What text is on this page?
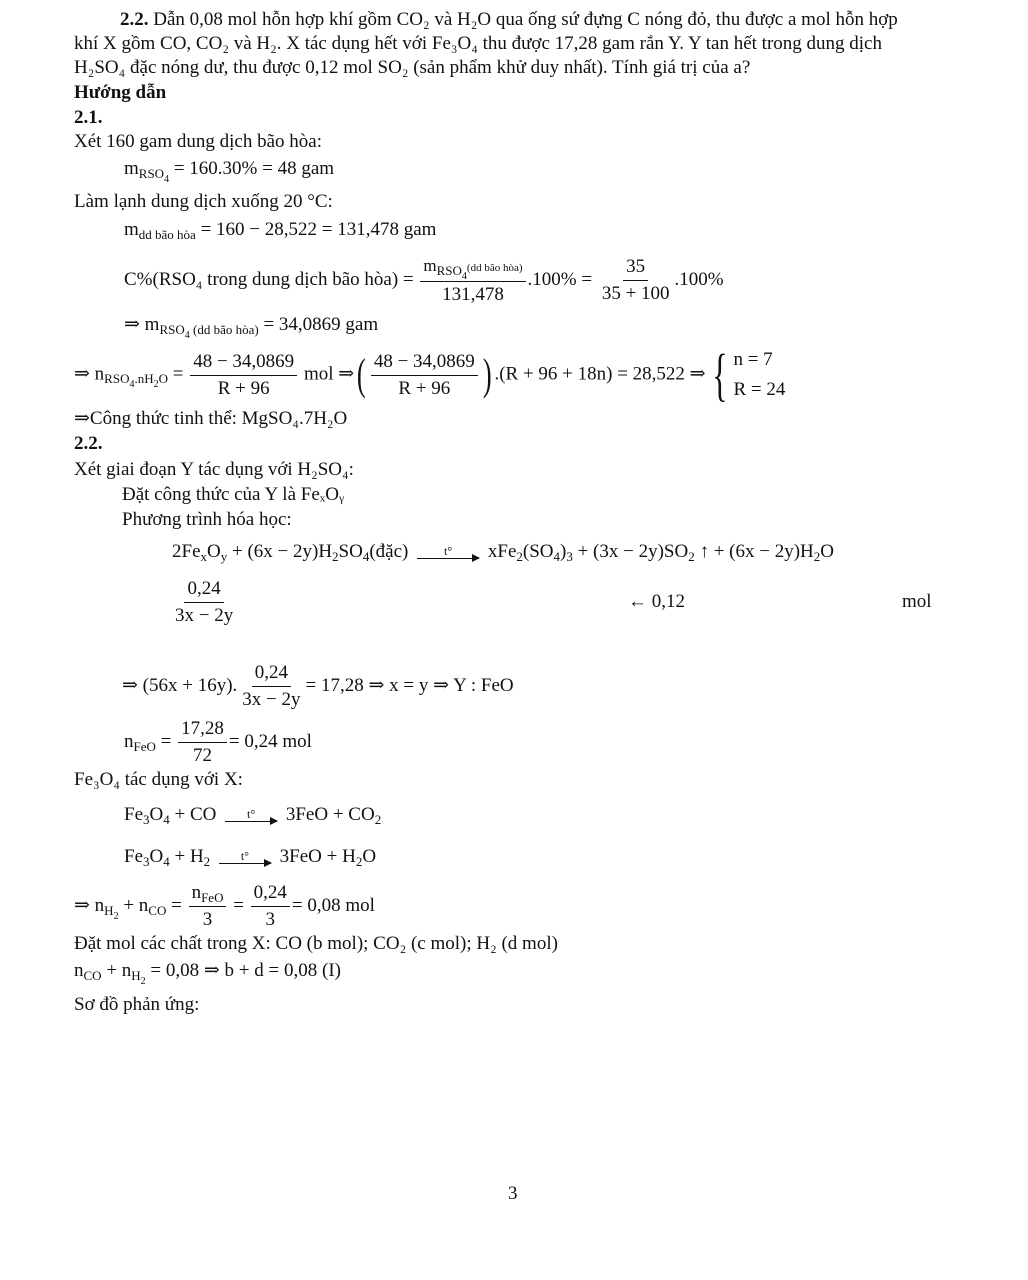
2.2. Dẫn 0,08 mol hỗn hợp khí gồm CO₂ và H₂O qua ống sứ đựng C nóng đỏ, thu được a mol hỗn hợp
khí X gồm CO, CO₂ và H₂. X tác dụng hết với Fe₃O₄ thu được 17,28 gam rắn Y. Y tan hết trong dung dịch
H₂SO₄ đặc nóng dư, thu được 0,12 mol SO₂ (sản phẩm khử duy nhất). Tính giá trị của a?
Hướng dẫn
2.1.
Xét 160 gam dung dịch bão hòa:
$m_{RSO_4} = 160.30\% = 48$ gam
Làm lạnh dung dịch xuống 20 °C:
$m_{dd bão hòa} = 160 - 28,522 = 131,478$ gam
C%(RSO₄ trong dung dịch bão hòa) = $\frac{m_{RSO_4}(dd bão hòa)}{131,478} .100\% = \frac{35}{35 + 100} .100\%$
⇒ $m_{RSO_4 (dd bão hòa)} = 34,0869$ gam
⇒ $n_{RSO_4.nH_2O} = \frac{48 - 34,0869}{R + 96}$ mol ⇒( $\frac{48 - 34,0869}{R + 96}$ ) .(R + 96 + 18n) = 28,522 ⇒ { n = 7
R = 24
⇒Công thức tinh thể: MgSO₄.7H₂O
2.2.
Xét giai đoạn Y tác dụng với H₂SO₄:
Đặt công thức của Y là FeₓOᵧ
Phương trình hóa học:
$2Fe_xO_y + (6x$ − $2y)H_2SO_4(đặc)$	t° $xFe_2(SO_4)_3 + (3x - 2y)SO_2$ ↑ + $(6x - 2y)H_2O$
$\frac{0,24}{3x - 2y}$	← 0,12	mol
⇒ (56x + 16y). $\frac{0,24}{3x - 2y} = 17,28$ ⇒ x = y ⇒ Y : FeO
$n_{FeO} = \frac{17,28}{72} = 0,24$ mol
Fe₃O₄ tác dụng với X:
$Fe_3O_4$ + CO t° $3FeO + CO_2$
$Fe_3O_4 + H_2$	t° $3FeO + H_2O$
⇒ $n_{H_2} + n_{CO} = \frac{n_{FeO}}{3} = \frac{0,24}{3} = 0,08$ mol
Đặt mol các chất trong X: CO (b mol); CO₂ (c mol); H₂ (d mol)
$n_{CO} + n_{H_2} = 0,08$ ⇒ b + d = 0,08 (I)
Sơ đồ phản ứng:
3
